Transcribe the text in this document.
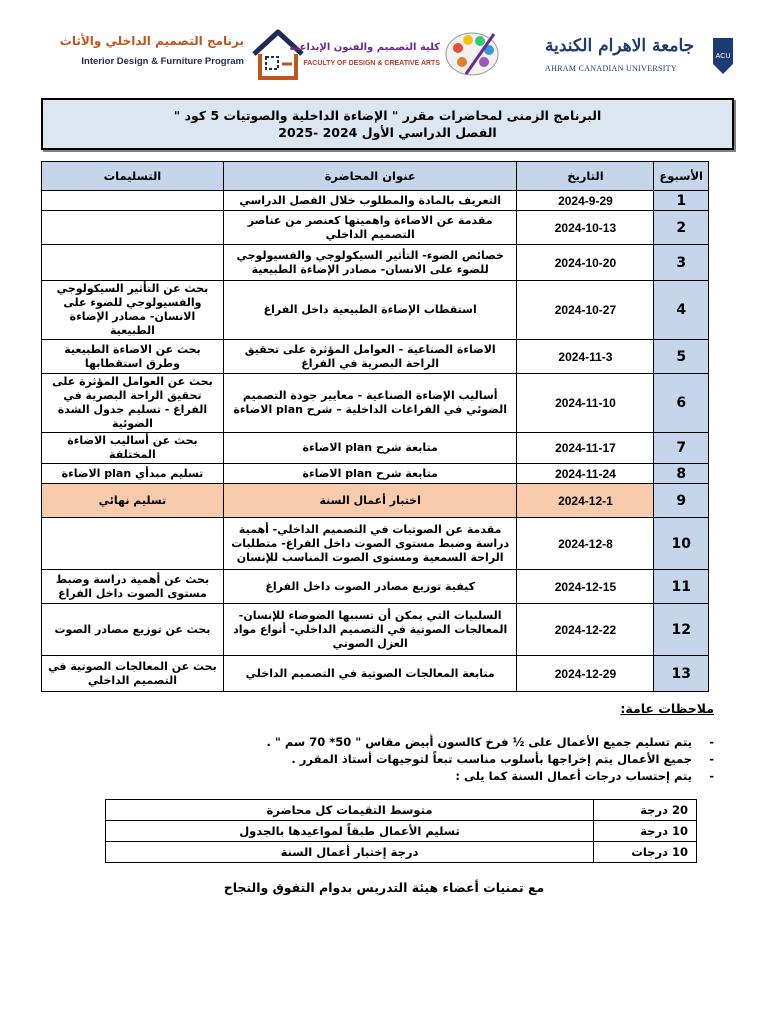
برنامج التصميم الداخلي والأثاث
Interior Design & Furniture Program
كلية التصميم والفنون الإبداعية
FACULTY OF DESIGN & CREATIVE ARTS
جامعة الاهرام الكندية
AHRAM CANADIAN UNIVERSITY
ACU
البرنامج الزمنى لمحاضرات مقرر " الإضاءة الداخلية والصوتيات 5 كود "
الفصل الدراسي الأول 2024 -2025
الأسبوع	التاريخ	عنوان المحاضرة	التسليمات
1	2024-9-29	التعريف بالمادة والمطلوب خلال الفصل الدراسي	
2	2024-10-13	مقدمة عن الاضاءة واهميتها كعنصر من عناصر التصميم الداخلي	
3	2024-10-20	خصائص الضوء- التأثير السيكولوجي والفسيولوجي للضوء على الانسان- مصادر الإضاءة الطبيعية	
4	2024-10-27	استقطاب الإضاءة الطبيعية داخل الفراغ	بحث عن التأثير السيكولوجي والفسيولوجي للضوء على الانسان- مصادر الإضاءة الطبيعية
5	2024-11-3	الاضاءة الصناعية - العوامل المؤثرة على تحقيق الراحة البصرية في الفراغ	بحث عن الاضاءة الطبيعية وطرق استقطابها
6	2024-11-10	أساليب الإضاءة الصناعية - معايير جودة التصميم الضوئي في الفراغات الداخلية – شرح plan الاضاءة	بحث عن العوامل المؤثرة على تحقيق الراحة البصرية في الفراغ - تسليم جدول الشدة الضوئية
7	2024-11-17	متابعة شرح plan الاضاءة	بحث عن أساليب الاضاءة المختلفة
8	2024-11-24	متابعة شرح plan الاضاءة	تسليم مبدأي plan الاضاءة
9	2024-12-1	اختبار أعمال السنة	تسليم نهائي
10	2024-12-8	مقدمة عن الصوتيات في التصميم الداخلي- أهمية دراسة وضبط مستوى الصوت داخل الفراغ- متطلبات الراحة السمعية ومستوى الصوت المناسب للإنسان	
11	2024-12-15	كيفية توزيع مصادر الصوت داخل الفراغ	بحث عن أهمية دراسة وضبط مستوى الصوت داخل الفراغ
12	2024-12-22	السلبيات التي يمكن أن تسببها الضوضاء للإنسان- المعالجات الصوتية في التصميم الداخلي- أنواع مواد العزل الصوتي	بحث عن توزيع مصادر الصوت
13	2024-12-29	متابعة المعالجات الصوتية في التصميم الداخلي	بحث عن المعالجات الصوتية في التصميم الداخلي
ملاحظات عامة:
- يتم تسليم جميع الأعمال على ½ فرخ كالسون أبيض مقاس " 50* 70 سم " .
- جميع الأعمال يتم إخراجها بأسلوب مناسب تبعاً لتوجيهات أستاذ المقرر .
- يتم إحتساب درجات أعمال السنة كما يلى :
20 درجة	متوسط التقيمات كل محاضرة
10 درجة	تسليم الأعمال طبقاً لمواعيدها بالجدول
10 درجات	درجة إختبار أعمال السنة
مع تمنيات أعضاء هيئة التدريس بدوام التفوق والنجاح
